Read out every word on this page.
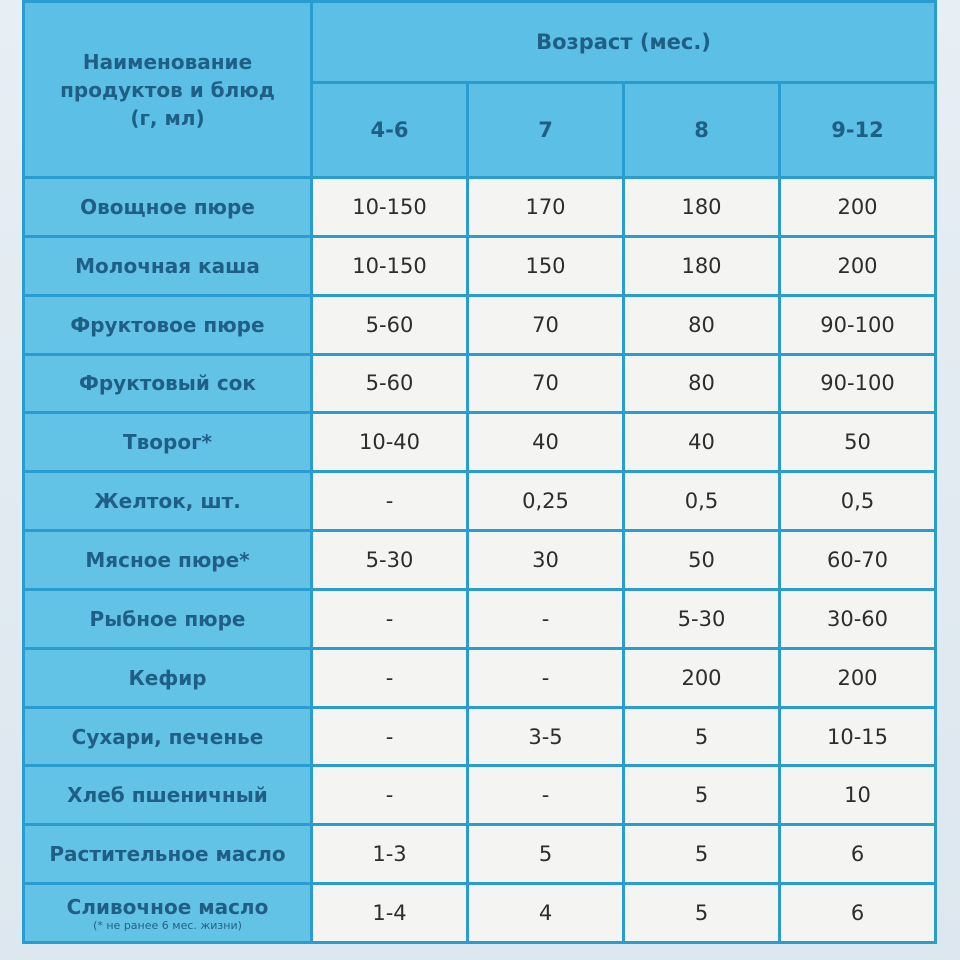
Наименование
продуктов и блюд
(г, мл)	Возраст (мес.)			
	4-6	7	8	9-12
Овощное пюре	10-150	170	180	200
Молочная каша	10-150	150	180	200
Фруктовое пюре	5-60	70	80	90-100
Фруктовый сок	5-60	70	80	90-100
Творог*	10-40	40	40	50
Желток, шт.	-	0,25	0,5	0,5
Мясное пюре*	5-30	30	50	60-70
Рыбное пюре	-	-	5-30	30-60
Кефир	-	-	200	200
Сухари, печенье	-	3-5	5	10-15
Хлеб пшеничный	-	-	5	10
Растительное масло	1-3	5	5	6

Сливочное масло
(* не ранее 6 мес. жизни)	1-4	4	5	6
